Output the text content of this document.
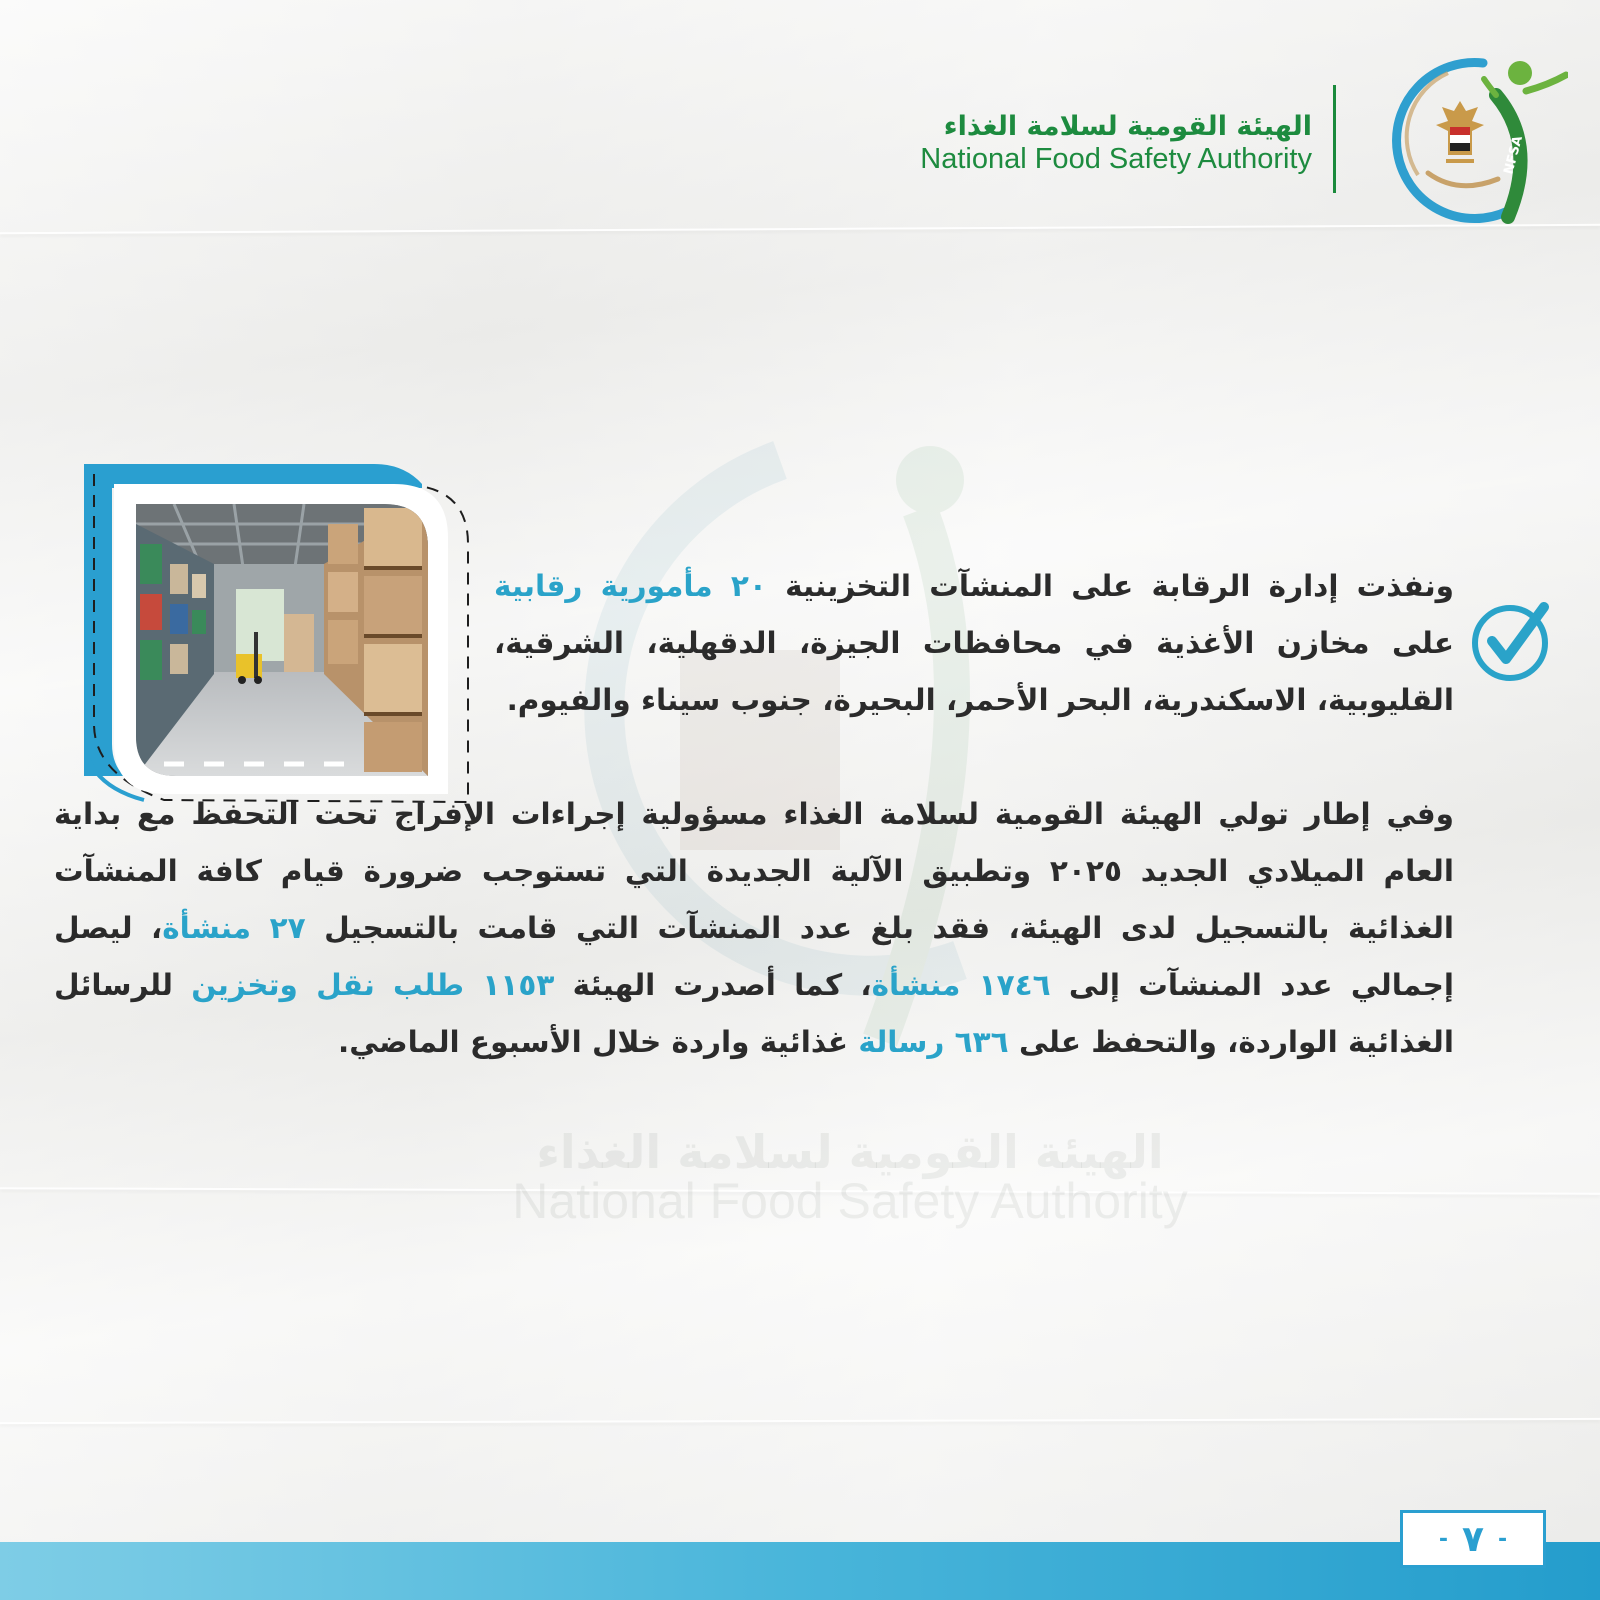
الهيئة القومية لسلامة الغذاء
National Food Safety Authority
NFSA
الهيئة القومية لسلامة الغذاء
National Food Safety Authority
ونفذت إدارة الرقابة على المنشآت التخزينية ٢٠ مأمورية رقابية على مخازن الأغذية في محافظات الجيزة، الدقهلية، الشرقية، القليوبية، الاسكندرية، البحر الأحمر، البحيرة، جنوب سيناء والفيوم.
وفي إطار تولي الهيئة القومية لسلامة الغذاء مسؤولية إجراءات الإفراج تحت التحفظ مع بداية العام الميلادي الجديد ٢٠٢٥ وتطبيق الآلية الجديدة التي تستوجب ضرورة قيام كافة المنشآت الغذائية بالتسجيل لدى الهيئة، فقد بلغ عدد المنشآت التي قامت بالتسجيل ٢٧ منشأة، ليصل إجمالي عدد المنشآت إلى ١٧٤٦ منشأة، كما أصدرت الهيئة ١١٥٣ طلب نقل وتخزين للرسائل الغذائية الواردة، والتحفظ على ٦٣٦ رسالة غذائية واردة خلال الأسبوع الماضي.
- ٧ -
